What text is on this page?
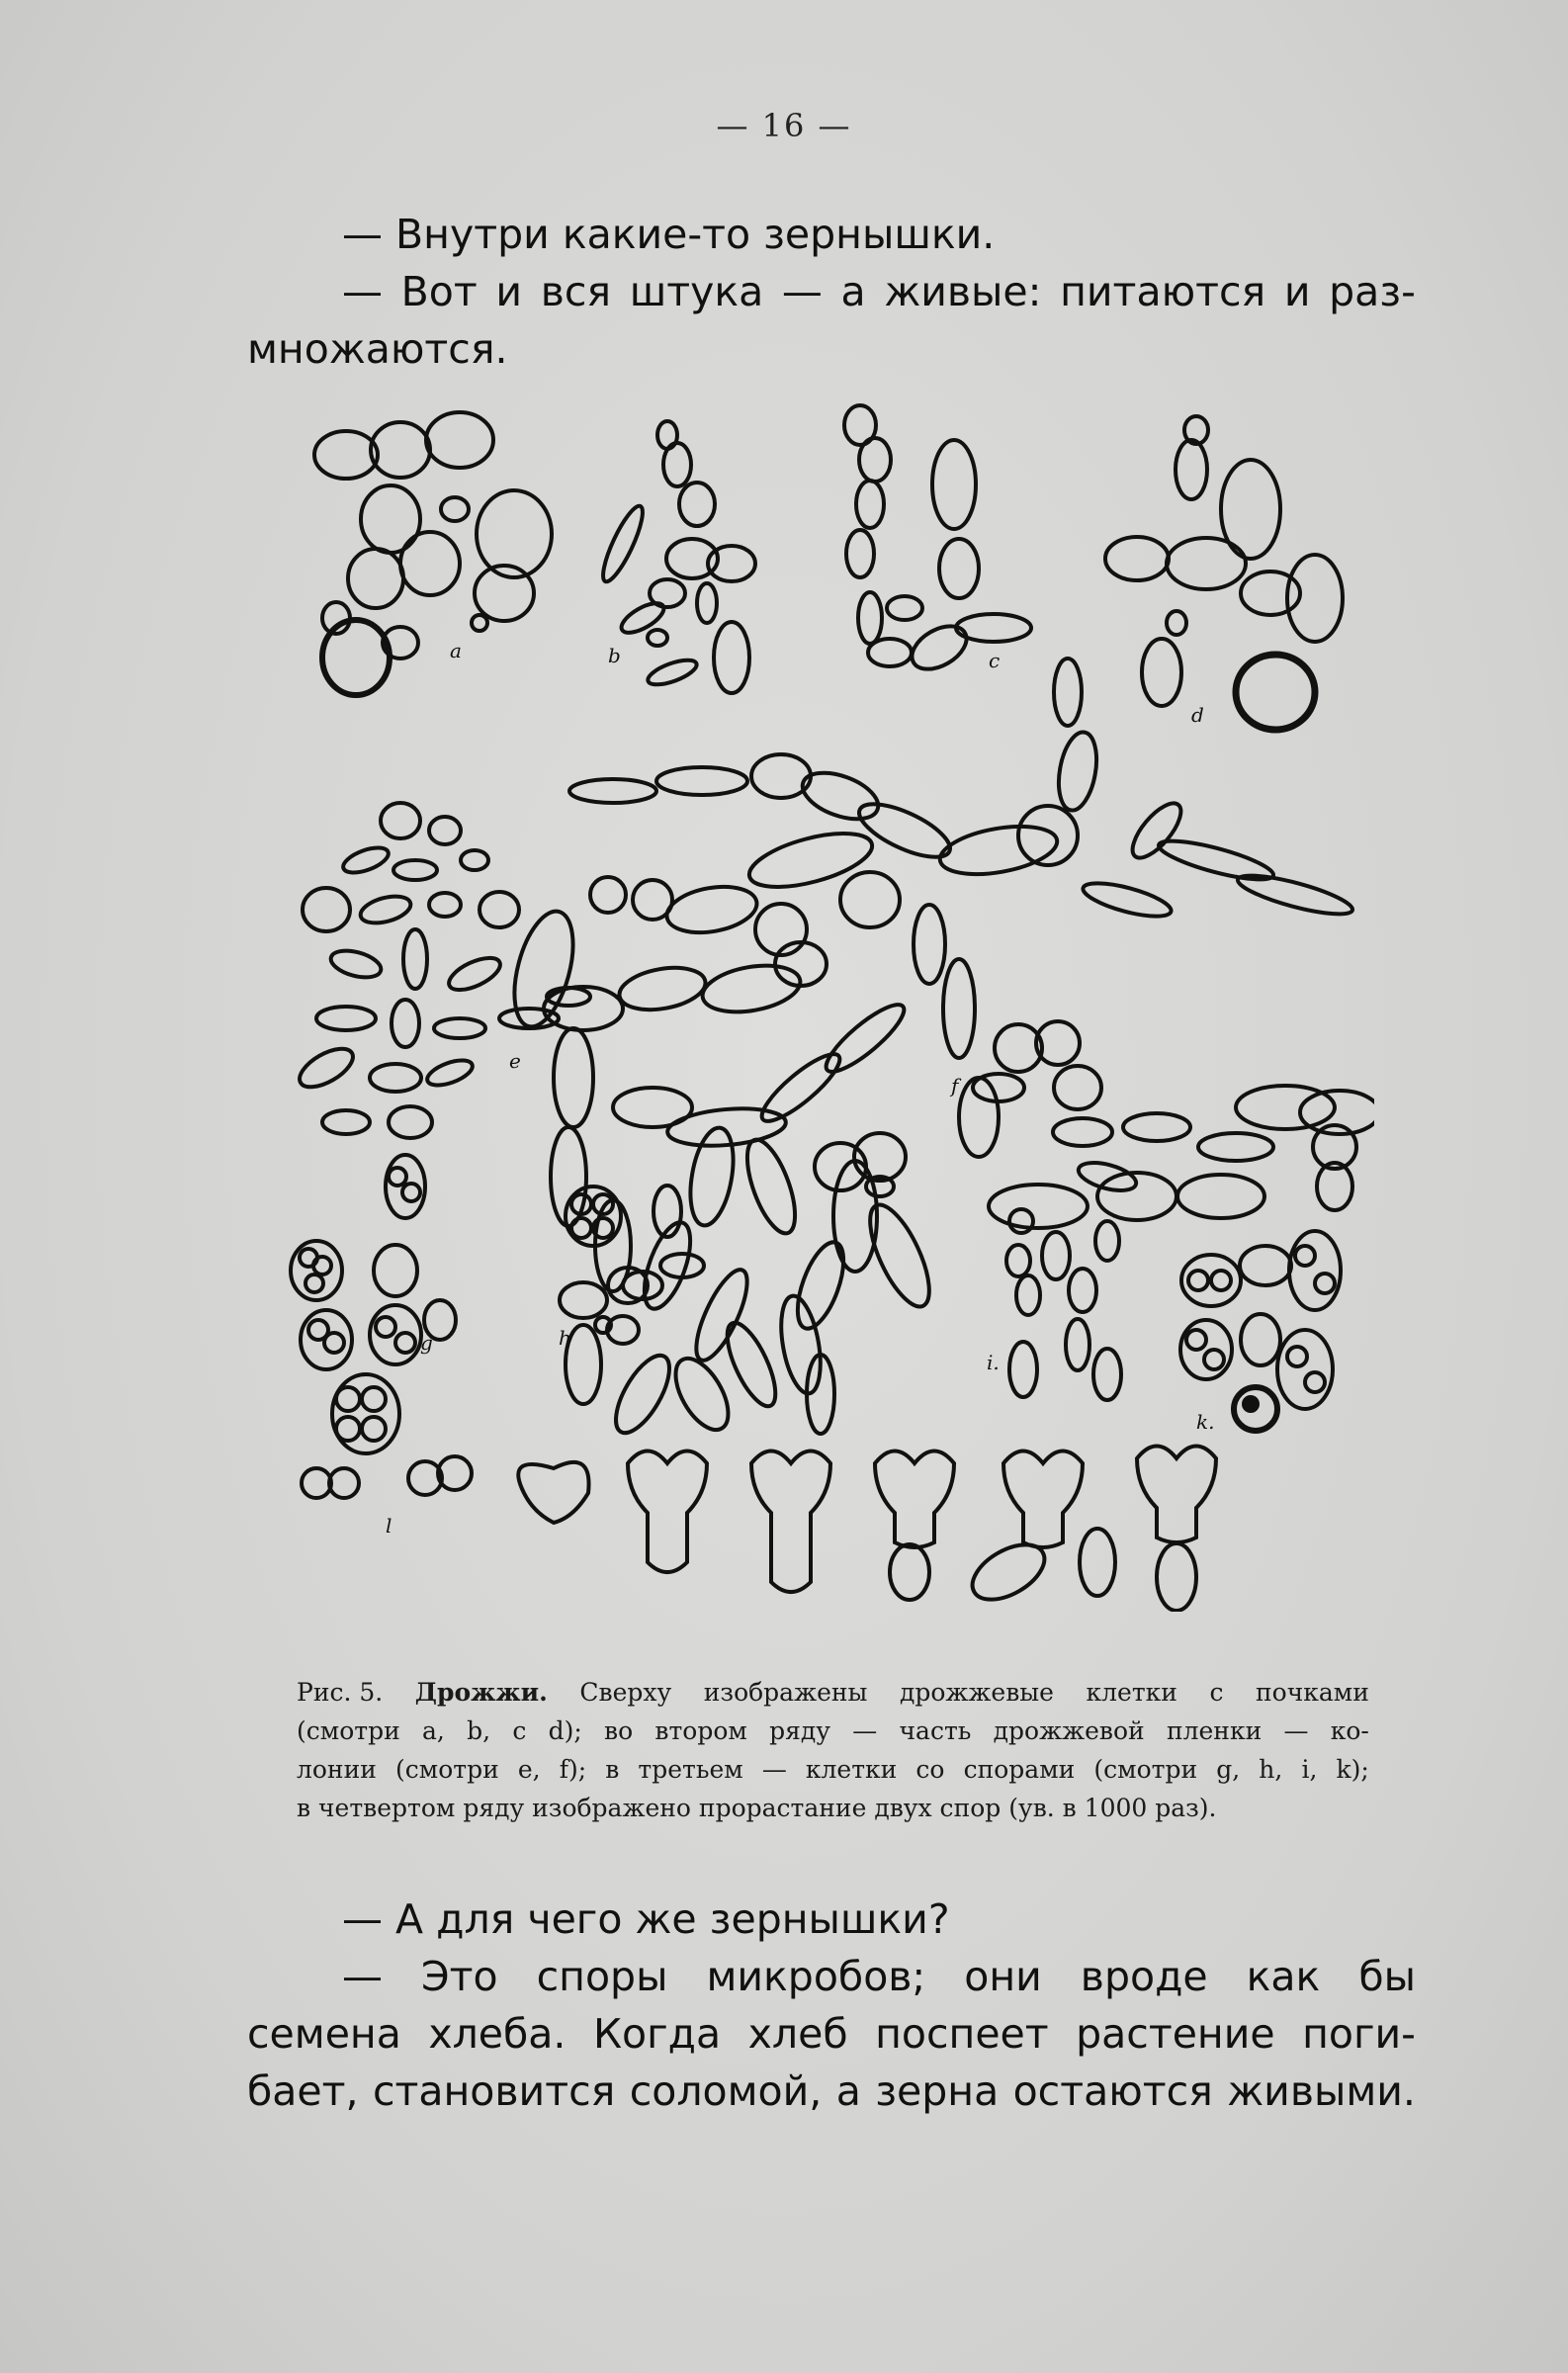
— 16 —
— Внутри какие-то зернышки.
— Вот и вся штука — а живые: питаются и раз-
множаются.
a	b	c
d
e
f
g	h
i.
k.
l
Рис. 5. Дрожжи. Сверху изображены дрожжевые клетки с почками
(смотри a, b, c d); во втором ряду — часть дрожжевой пленки — ко-
лонии (смотри e, f); в третьем — клетки со спорами (смотри g, h, i, k);
в четвертом ряду изображено прорастание двух спор (ув. в 1000 раз).
— А для чего же зернышки?
— Это споры микробов; они вроде как бы
семена хлеба. Когда хлеб поспеет растение поги-
бает, становится соломой, а зерна остаются живыми.
